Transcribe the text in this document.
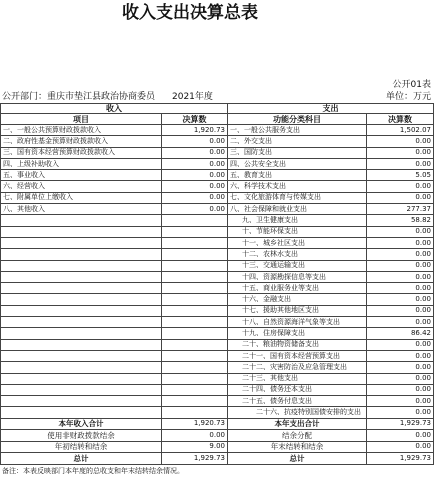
收入支出决算总表
公开01表
公开部门：重庆市垫江县政治协商委员 2021年度	单位：万元
收入	支出
项目	决算数	功能分类科目	决算数
一、一般公共预算财政拨款收入	1,920.73 一、一般公共服务支出	1,502.07
二、政府性基金预算财政拨款收入	0.00 二、外交支出	0.00
三、国有资本经营预算财政拨款收入	0.00 三、国防支出	0.00
四、上级补助收入	0.00 四、公共安全支出	0.00
五、事业收入	0.00 五、教育支出	5.05
六、经营收入	0.00 六、科学技术支出	0.00
七、附属单位上缴收入	0.00 七、文化旅游体育与传媒支出	0.00
八、其他收入	0.00 八、社会保障和就业支出	277.37
九、卫生健康支出	58.82
十、节能环保支出	0.00
十一、城乡社区支出	0.00
十二、农林水支出	0.00
十三、交通运输支出	0.00
十四、资源勘探信息等支出	0.00
十五、商业服务业等支出	0.00
十六、金融支出	0.00
十七、援助其他地区支出	0.00
十八、自然资源海洋气象等支出	0.00
十九、住房保障支出	86.42
二十、粮油物资储备支出	0.00
二十一、国有资本经营预算支出	0.00
二十二、灾害防治及应急管理支出	0.00
二十三、其他支出	0.00
二十四、债务还本支出	0.00
二十五、债务付息支出	0.00
二十六、抗疫特别国债安排的支出	0.00
本年收入合计	1,920.73	本年支出合计	1,929.73
使用非财政拨款结余	0.00	结余分配	0.00
年初结转和结余	9.00	年末结转和结余	0.00
总计	1,929.73	总计	1,929.73
备注：本表反映部门本年度的总收支和年末结转结余情况。
